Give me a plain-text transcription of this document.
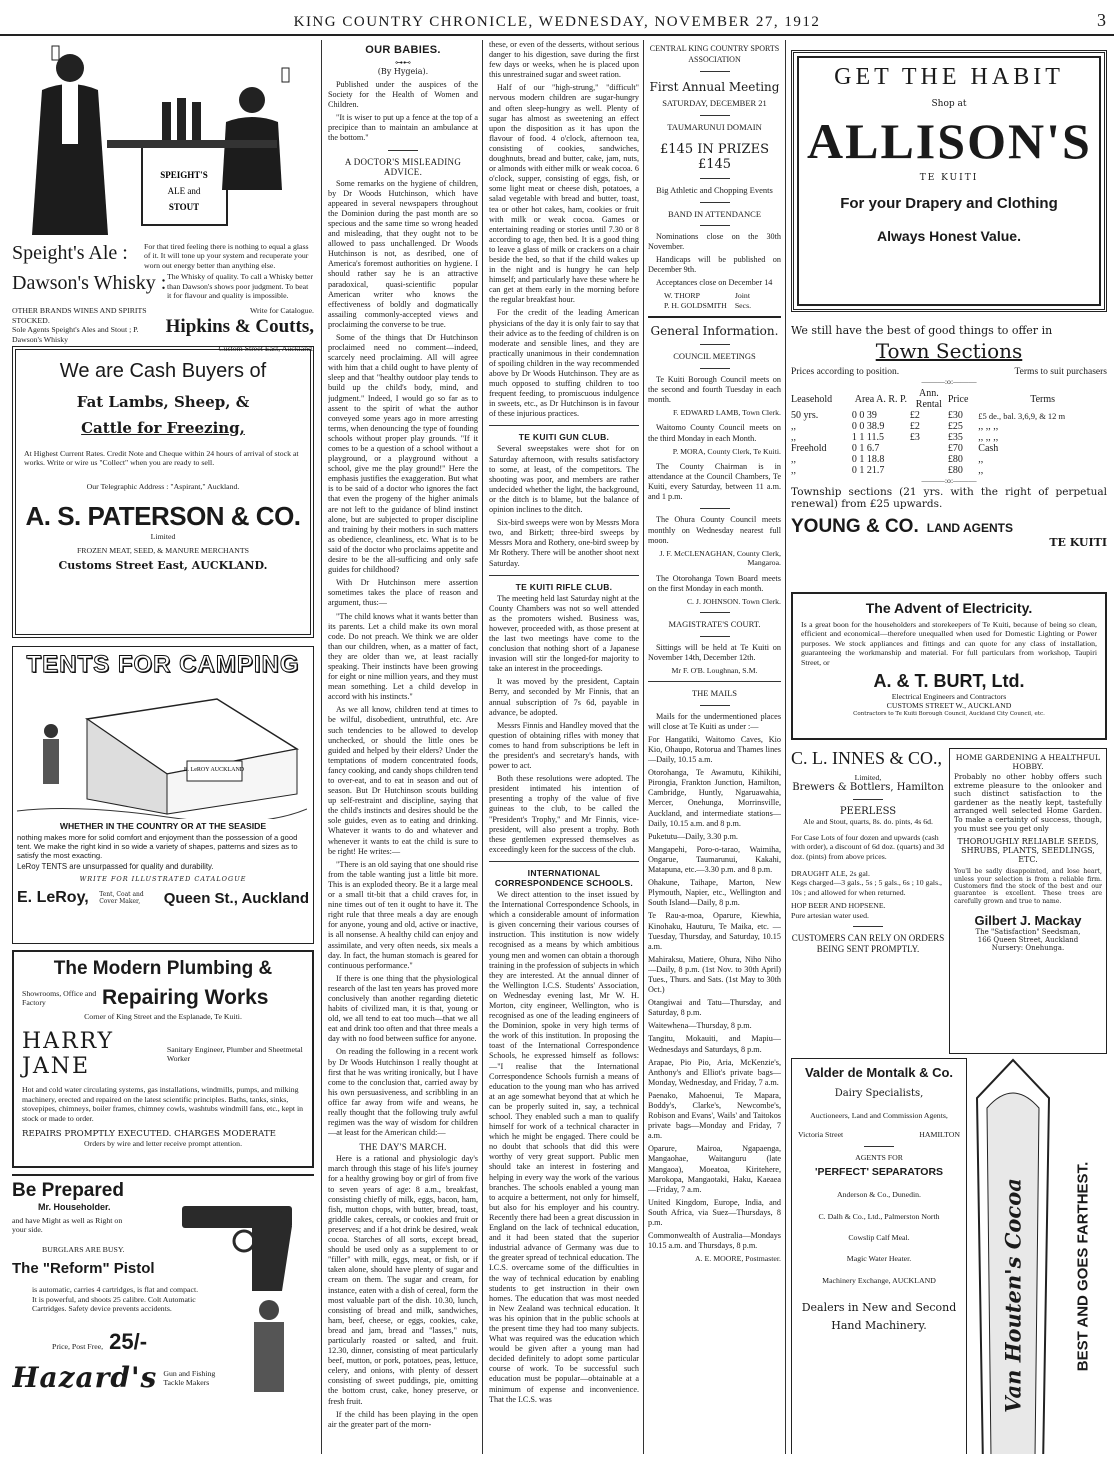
KING COUNTRY CHRONICLE, WEDNESDAY, NOVEMBER 27, 1912	3
SPEIGHT'S
ALE and
STOUT
Speight's Ale :	For that tired feeling there is nothing to equal a glass of it. It will tone up your system and recuperate your worn out energy better than anything else.
Dawson's Whisky : The Whisky of quality. To call a Whisky better than Dawson's shows poor judgment. To beat it for flavour and quality is impossible.
OTHER BRANDS WINES AND SPIRITS STOCKED.
Sole Agents Speight's Ales and Stout ; P. Dawson's Whisky
Write for Catalogue.
Hipkins & Coutts,
Custom Street East, Auckland.
We are Cash Buyers of
Fat Lambs, Sheep, &
Cattle for Freezing,
At Highest Current Rates. Credit Note and Cheque within 24 hours of arrival of stock at works. Write or wire us "Collect" when you are ready to sell.
Our Telegraphic Address : "Aspirant," Auckland.
A. S. PATERSON & CO.
Limited
FROZEN MEAT, SEED, & MANURE MERCHANTS
Customs Street East, AUCKLAND.
TENTS FOR CAMPING
E. LeROY AUCKLAND
WHETHER IN THE COUNTRY OR AT THE SEASIDE
nothing makes more for solid comfort and enjoyment than the possession of a good tent. We make the right kind in so wide a variety of shapes, patterns and sizes as to satisfy the most exacting.
LeRoy TENTS are unsurpassed for quality and durability.
WRITE FOR ILLUSTRATED CATALOGUE
E. LeRoy, Tent, Coat and Cover Maker,	Queen St., Auckland
The Modern Plumbing &
Showrooms, Office and Factory	Repairing Works
Corner of King Street and the Esplanade, Te Kuiti.
HARRY JANE
Sanitary Engineer, Plumber and Sheetmetal Worker
Hot and cold water circulating systems, gas installations, windmills, pumps, and milking machinery, erected and repaired on the latest scientific principles. Baths, tanks, sinks, stovepipes, chimneys, boiler frames, chimney cowls, washtubs windmill fans, etc., kept in stock or made to order.
REPAIRS PROMPTLY EXECUTED. CHARGES MODERATE
Orders by wire and letter receive prompt attention.
Be Prepared
Mr. Householder.
and have Might as well as Right on your side.
BURGLARS ARE BUSY.
The "Reform" Pistol
is automatic, carries 4 cartridges, is flat and compact. It is powerful, and shoots 25 calibre. Colt Automatic Cartridges. Safety device prevents accidents.
Price, Post Free, 25/-
Hazard's Gun and Fishing Tackle Makers
OUR BABIES.
⊶⊷
(By Hygeia).
Published under the auspices of the Society for the Health of Women and Children.
"It is wiser to put up a fence at the top of a precipice than to maintain an ambulance at the bottom."
A DOCTOR'S MISLEADING ADVICE.
Some remarks on the hygiene of children, by Dr Woods Hutchinson, which have appeared in several newspapers throughout the Dominion during the past month are so specious and the same time so wrong headed and misleading, that they ought not to be allowed to pass unchallenged. Dr Woods Hutchinson is not, as desribed, one of America's foremost authorities on hygiene. I should rather say he is an attractive paradoxical, quasi-scientific popular American writer who knows the effectiveness of boldly and dogmatically assailing commonly-accepted views and proclaiming the converse to be true.
Some of the things that Dr Hutchinson proclaimed need no comment—indeed, scarcely need proclaiming. All will agree with him that a child ought to have plenty of sleep and that "healthy outdoor play tends to build up the child's body, mind, and judgment." Indeed, I would go so far as to assent to the spirit of what the author conveyed some years ago in more arresting terms, when denouncing the type of founding schools without proper play grounds. "If it comes to be a question of a school without a playground, or a playground without a school, give me the play ground!" Here the emphasis justifies the exaggeration. But what is to be said of a doctor who ignores the fact that even the progeny of the higher animals are not left to the guidance of blind instinct alone, but are subjected to proper discipline and training by their mothers in such matters as obedience, cleanliness, etc. What is to be said of the doctor who proclaims appetite and desire to be the all-sufficing and only safe guides for childhood?
With Dr Hutchinson mere assertion sometimes takes the place of reason and argument, thus:—
"The child knows what it wants better than its parents. Let a child make its own moral code. Do not preach. We think we are older than our children, when, as a matter of fact, they are older than we, at least racially speaking. Their instincts have been growing for eight or nine million years, and they must mean something. Let a child develop in accord with his instincts."
As we all know, children tend at times to be wilful, disobedient, untruthful, etc. Are such tendencies to be allowed to develop unchecked, or should the little ones be guided and helped by their elders? Under the temptations of modern concentrated foods, fancy cooking, and candy shops children tend to over-eat, and to eat in season and out of season. But Dr Hutchinson scouts building up self-restraint and discipline, saying that the child's instincts and desires should be the sole guides, even as to eating and drinking. Whatever it wants to do and whatever and whenever it wants to eat the child is sure to be right! He writes:—
"There is an old saying that one should rise from the table wanting just a little bit more. This is an exploded theory. Be it a large meal or a small tit-bit that a child craves for, in nine times out of ten it ought to have it. The right rule that three meals a day are enough for anyone, young and old, active or inactive, is all nonsense. A healthy child can enjoy and assimilate, and very often needs, six meals a day. In fact, the human stomach is geared for continuous performance."
If there is one thing that the physiological research of the last ten years has proved more conclusively than another regarding dietetic habits of civilized man, it is that, young or old, we all tend to eat too much—that we all eat and drink too often and that three meals a day with no food between suffice for anyone.
On reading the following in a recent work by Dr Woods Hutchinson I really thought at first that he was writing ironically, but I have come to the conclusion that, carried away by his own persuasiveness, and scribbling in an office far away from wife and weans, he really thought that the following truly awful regimen was the way of wisdom for children—at least for the American child:—
THE DAY'S MARCH.
Here is a rational and physiologic day's march through this stage of his life's journey for a healthy growing boy or girl of from five to seven years of age: 8 a.m., breakfast, consisting chiefly of milk, eggs, bacon, ham, fish, mutton chops, with butter, bread, toast, griddle cakes, cereals, or cookies and fruit or preserves; and if a hot drink be desired, weak cocoa. Starches of all sorts, except bread, should be used only as a supplement to or "filler" with milk, eggs, meat, or fish, or if taken alone, should have plenty of sugar and cream on them. The sugar and cream, for instance, eaten with a dish of cereal, form the most valuable part of the dish. 10.30, lunch, consisting of bread and milk, sandwiches, ham, beef, cheese, or eggs, cookies, cake, bread and jam, bread and "lasses," nuts, particularly roasted or salted, and fruit. 12.30, dinner, consisting of meat particularly beef, mutton, or pork, potatoes, peas, lettuce, celery, and onions, with plenty of dessert consisting of sweet puddings, pie, omitting the bottom crust, cake, honey preserve, or fresh fruit.
If the child has been playing in the open air the greater part of the morn-
these, or even of the desserts, without serious danger to his digestion, save during the first few days or weeks, when he is placed upon this unrestrained sugar and sweet ration.
Half of our "high-strung," "difficult" nervous modern children are sugar-hungry and often sleep-hungry as well. Plenty of sugar has almost as sweetening an effect upon the disposition as it has upon the flavour of food. 4 o'clock, afternoon tea, consisting of cookies, sandwiches, doughnuts, bread and butter, cake, jam, nuts, or almonds with either milk or weak cocoa. 6 o'clock, supper, consisting of eggs, fish, or some light meat or cheese dish, potatoes, a salad vegetable with bread and butter, toast, tea or other hot cakes, ham, cookies or fruit with milk or weak cocoa. Games or entertaining reading or stories until 7.30 or 8 according to age, then bed. It is a good thing to leave a glass of milk or crackers on a chair beside the bed, so that if the child wakes up in the night and is hungry he can help himself; and particularly have these where he can get at them early in the morning before the regular breakfast hour.
For the credit of the leading American physicians of the day it is only fair to say that their advice as to the feeding of children is on moderate and sensible lines, and they are practically unanimous in their condemnation of spoiling children in the way recommended above by Dr Woods Hutchinson. They are as much opposed to stuffing children to too frequent feeding, to promiscuous indulgence in sweets, etc., as Dr Hutchinson is in favour of these injurious practices.
TE KUITI GUN CLUB.
Several sweepstakes were shot for on Saturday afternoon, with results satisfactory to some, at least, of the competitors. The shooting was poor, and members are rather undecided whether the light, the background, or the ditch is to blame, but the balance of opinion inclines to the ditch.
Six-bird sweeps were won by Messrs Mora two, and Birkett; three-bird sweeps by Messrs Mora and Rothery, one-bird sweep by Mr Rothery. There will be another shoot next Saturday.
TE KUITI RIFLE CLUB.
The meeting held last Saturday night at the County Chambers was not so well attended as the promoters wished. Business was, however, proceeded with, as those present at the last two meetings have come to the conclusion that nothing short of a Japanese invasion will stir the longed-for majority to take an interest in the proceedings.
It was moved by the president, Captain Berry, and seconded by Mr Finnis, that an annual subscription of 7s 6d, payable in advance, be adopted.
Messrs Finnis and Handley moved that the question of obtaining rifles with money that comes to hand from subscriptions be left in the president's and secretary's hands, with power to act.
Both these resolutions were adopted. The president intimated his intention of presenting a trophy of the value of five guineas to the club, to be called the "President's Trophy," and Mr Finnis, vice-president, will also present a trophy. Both these gentlemen expressed themselves as exceedingly keen for the success of the club.
INTERNATIONAL CORRESPONDENCE SCHOOLS.
We direct attention to the inset issued by the International Correspondence Schools, in which a considerable amount of information is given concerning their various courses of instruction. This institution is now widely recognised as a means by which ambitious young men and women can obtain a thorough training in the profession of subjects in which they are interested. At the annual dinner of the Wellington I.C.S. Students' Association, on Wednesday evening last, Mr W. H. Morton, city engineer, Wellington, who is recognised as one of the leading engineers of the Dominion, spoke in very high terms of the work of this institution. In proposing the toast of the International Correspondence Schools, he expressed himself as follows:—"I realise that the International Correspondence Schools furnish a means of education to the young man who has arrived at an age somewhat beyond that at which he can be properly suited in, say, a technical school. They enabled such a man to qualify himself for work of a technical character in which he might be engaged. There could be no doubt that schools that did this were worthy of very great support. Public men should take an interest in fostering and helping in every way the work of the various branches. The schools enabled a young man to acquire a betterment, not only for himself, but also for his employer and his country. Recently there had been a great discussion in England on the lack of technical education, and it had been stated that the superior industrial advance of Germany was due to the greater spread of technical education. The I.C.S. overcame some of the difficulties in the way of technical education by enabling students to get instruction in their own homes. The education that was most needed in New Zealand was technical education. It was his opinion that in the public schools at the present time they had too many subjects. What was required was the education which would be given after a young man had decided definitely to adopt some particular course of work. To be successful such education must be popular—obtainable at a minimum of expense and inconvenience. That the I.C.S. was
CENTRAL KING COUNTRY SPORTS ASSOCIATION
First Annual Meeting
SATURDAY, DECEMBER 21
TAUMARUNUI DOMAIN
£145 IN PRIZES £145
Big Athletic and Chopping Events
BAND IN ATTENDANCE
Nominations close on the 30th November.
Handicaps will be published on December 9th.
Acceptances close on December 14
W. THORP
P. H. GOLDSMITH
Joint Secs.
General Information.
COUNCIL MEETINGS
Te Kuiti Borough Council meets on the second and fourth Tuesday in each month.
F. EDWARD LAMB, Town Clerk.
Waitomo County Council meets on the third Monday in each Month.
P. MORA, County Clerk, Te Kuiti.
The County Chairman is in attendance at the Council Chambers, Te Kuiti, every Saturday, between 11 a.m. and 1 p.m.
The Ohura County Council meets monthly on Wednesday nearest full moon.
J. F. McCLENAGHAN, County Clerk, Mangaroa.
The Otorohanga Town Board meets on the first Monday in each month.
C. J. JOHNSON. Town Clerk.
MAGISTRATE'S COURT.
Sittings will be held at Te Kuiti on November 14th, December 12th.
Mr F. O'B. Loughnan, S.M.
THE MAILS
Mails for the undermentioned places will close at Te Kuiti as under :—
For Hangatiki, Waitomo Caves, Kio Kio, Ohaupo, Rotorua and Thames lines—Daily, 10.15 a.m.
Otorohanga, Te Awamutu, Kihikihi, Pirongia, Frankton Junction, Hamilton, Cambridge, Huntly, Ngaruawahia, Mercer, Onehunga, Morrinsville, Auckland, and intermediate stations—Daily, 10.15 a.m. and 8 p.m.
Puketutu—Daily, 3.30 p.m.
Mangapehi, Poro-o-tarao, Waimiha, Ongarue, Taumarunui, Kakahi, Matapuna, etc.—3.30 p.m. and 8 p.m.
Ohakune, Taihape, Marton, New Plymouth, Napier, etc., Wellington and South Island—Daily, 8 p.m.
Te Rau-a-moa, Oparure, Kiewhia, Kinohaku, Hauturu, Te Maika, etc. —Tuesday, Thursday, and Saturday, 10.15 a.m.
Mahiraksu, Matiere, Ohura, Niho Niho—Daily, 8 p.m. (1st Nov. to 30th April) Tues., Thurs. and Sats. (1st May to 30th Oct.)
Otangiwai and Tatu—Thursday, and Saturday, 8 p.m.
Waitewhena—Thursday, 8 p.m.
Tangitu, Mokauiti, and Mapiu—Wednesdays and Saturdays, 8 p.m.
Arapae, Pio Pio, Aria, McKenzie's, Anthony's and Elliot's private bags—Monday, Wednesday, and Friday, 7 a.m.
Paenako, Mahoenui, Te Mapara, Boddy's, Clarke's, Newcombe's, Robison and Evans', Wails' and Taitokos private bags—Monday and Friday, 7 a.m.
Oparure, Mairoa, Ngapaenga, Mangaohae, Waitanguru (late Mangaoa), Moeatoa, Kiritehere, Marokopa, Mangaotaki, Haku, Kaeaea—Friday, 7 a.m.
United Kingdom, Europe, India, and South Africa, via Suez—Thursdays, 8 p.m.
Commonwealth of Australia—Mondays 10.15 a.m. and Thursdays, 8 p.m.
A. E. MOORE, Postmaster.
GET THE HABIT
Shop at
ALLISON'S
TE KUITI
For your Drapery and Clothing
Always Honest Value.
We still have the best of good things to offer in
Town Sections
Prices according to position.	Terms to suit purchasers
———:o:———
Leasehold	Area A. R. P.	Ann. Rental	Price	Terms
50 yrs.	0 0 39	£2	£30	£5 de., bal. 3,6,9, & 12 m
,,	0 0 38.9	£2	£25	,, ,, ,,
,,	1 1 11.5	£3	£35	,, ,, ,,
Freehold	0 1 6.7		£70	Cash
,,	0 1 18.8		£80	,,
,,	0 1 21.7		£80	,,
———:o:———
Township sections (21 yrs. with the right of perpetual renewal) from £25 upwards.
YOUNG & CO. LAND AGENTS
TE KUITI
The Advent of Electricity.
Is a great boon for the householders and storekeepers of Te Kuiti, because of being so clean, efficient and economical—therefore unequalled when used for Domestic Lighting or Power purposes. We stock appliances and fittings and can quote for any class of installation, guaranteeing the workmanship and material. For full particulars from workshop, Taupiri Street, or
A. & T. BURT, Ltd.
Electrical Engineers and Contractors
CUSTOMS STREET W., AUCKLAND
Contractors to Te Kuiti Borough Council, Auckland City Council, etc.
C. L. INNES & CO.,
Limited,
Brewers & Bottlers, Hamilton
PEERLESS
Ale and Stout, quarts, 8s. do. pints, 4s 6d.
For Case Lots of four dozen and upwards (cash with order), a discount of 6d doz. (quarts) and 3d doz. (pints) from above prices.
DRAUGHT ALE, 2s gal.
Kegs charged—3 gals., 5s ; 5 gals., 6s ; 10 gals., 10s ; and allowed for when returned.
HOP BEER AND HOPSENE.
Pure artesian water used.
CUSTOMERS CAN RELY ON ORDERS BEING SENT PROMPTLY.
HOME GARDENING A HEALTHFUL HOBBY.
Probably no other hobby offers such extreme pleasure to the onlooker and such distinct satisfaction to the gardener as the neatly kept, tastefully arranged well selected Home Garden. To make a certainty of success, though, you must see you get only
THOROUGHLY RELIABLE SEEDS, SHRUBS, PLANTS, SEEDLINGS, ETC.
You'll be sadly disappointed, and lose heart, unless your selection is from a reliable firm. Customers find the stock of the best and our guarantee is excellent. These trees are carefully grown and true to name.
Gilbert J. Mackay
The "Satisfaction" Seedsman,
166 Queen Street, Auckland
Nursery: Onehunga.
Valder de Montalk & Co.
Dairy Specialists,
Auctioneers, Land and Commission Agents,
Victoria Street	HAMILTON
AGENTS FOR
'PERFECT' SEPARATORS
Anderson & Co., Dunedin.
C. Dalh & Co., Ltd., Palmerston North
Cowslip Calf Meal.
Magic Water Heater.
Machinery Exchange, AUCKLAND
Dealers in New and Second Hand Machinery.	Van Houten's Cocoa	BEST AND GOES FARTHEST.
